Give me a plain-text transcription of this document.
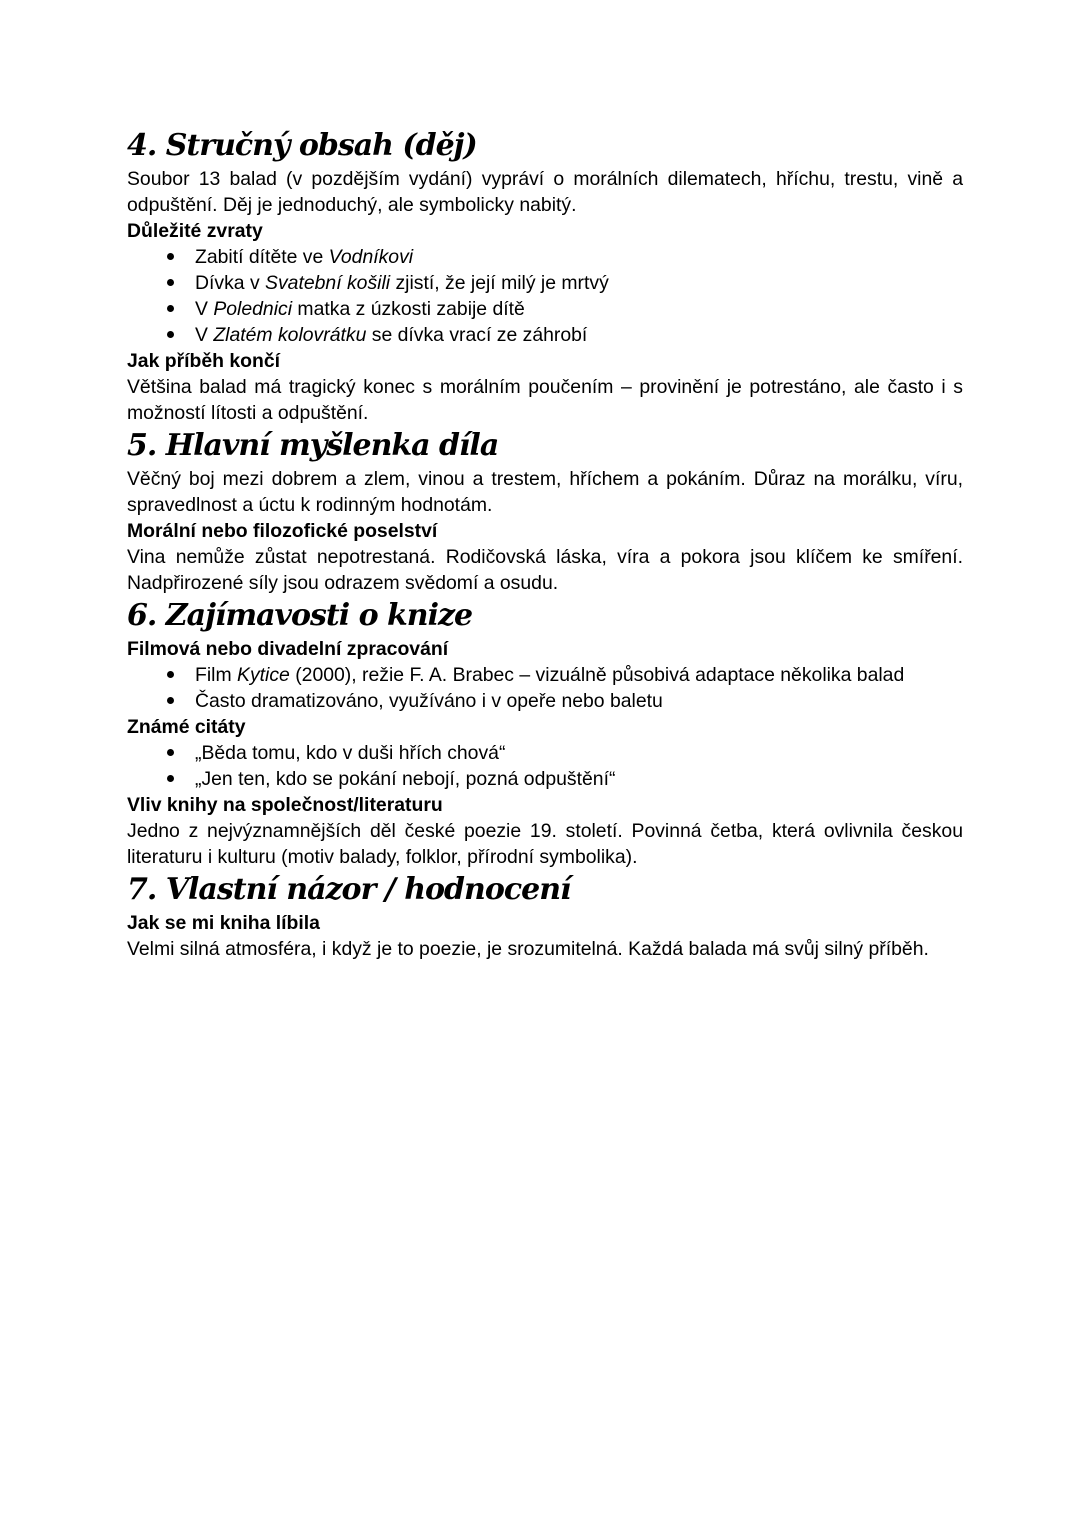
4. Stručný obsah (děj)

Soubor 13 balad (v pozdějším vydání) vypráví o morálních dilematech, hříchu, trestu, vině a odpuštění. Děj je jednoduchý, ale symbolicky nabitý.

Důležité zvraty
Zabití dítěte ve Vodníkovi
Dívka v Svatební košili zjistí, že její milý je mrtvý
V Polednici matka z úzkosti zabije dítě
V Zlatém kolovrátku se dívka vrací ze záhrobí
Jak příběh končí

Většina balad má tragický konec s morálním poučením – provinění je potrestáno, ale často i s možností lítosti a odpuštění.

5. Hlavní myšlenka díla

Věčný boj mezi dobrem a zlem, vinou a trestem, hříchem a pokáním. Důraz na morálku, víru, spravedlnost a úctu k rodinným hodnotám.

Morální nebo filozofické poselství

Vina nemůže zůstat nepotrestaná. Rodičovská láska, víra a pokora jsou klíčem ke smíření. Nadpřirozené síly jsou odrazem svědomí a osudu.

6. Zajímavosti o knize
Filmová nebo divadelní zpracování
Film Kytice (2000), režie F. A. Brabec – vizuálně působivá adaptace několika balad
Často dramatizováno, využíváno i v opeře nebo baletu
Známé citáty
„Běda tomu, kdo v duši hřích chová“
„Jen ten, kdo se pokání nebojí, pozná odpuštění“
Vliv knihy na společnost/literaturu

Jedno z nejvýznamnějších děl české poezie 19. století. Povinná četba, která ovlivnila českou literaturu i kulturu (motiv balady, folklor, přírodní symbolika).

7. Vlastní názor / hodnocení
Jak se mi kniha líbila

Velmi silná atmosféra, i když je to poezie, je srozumitelná. Každá balada má svůj silný příběh.
